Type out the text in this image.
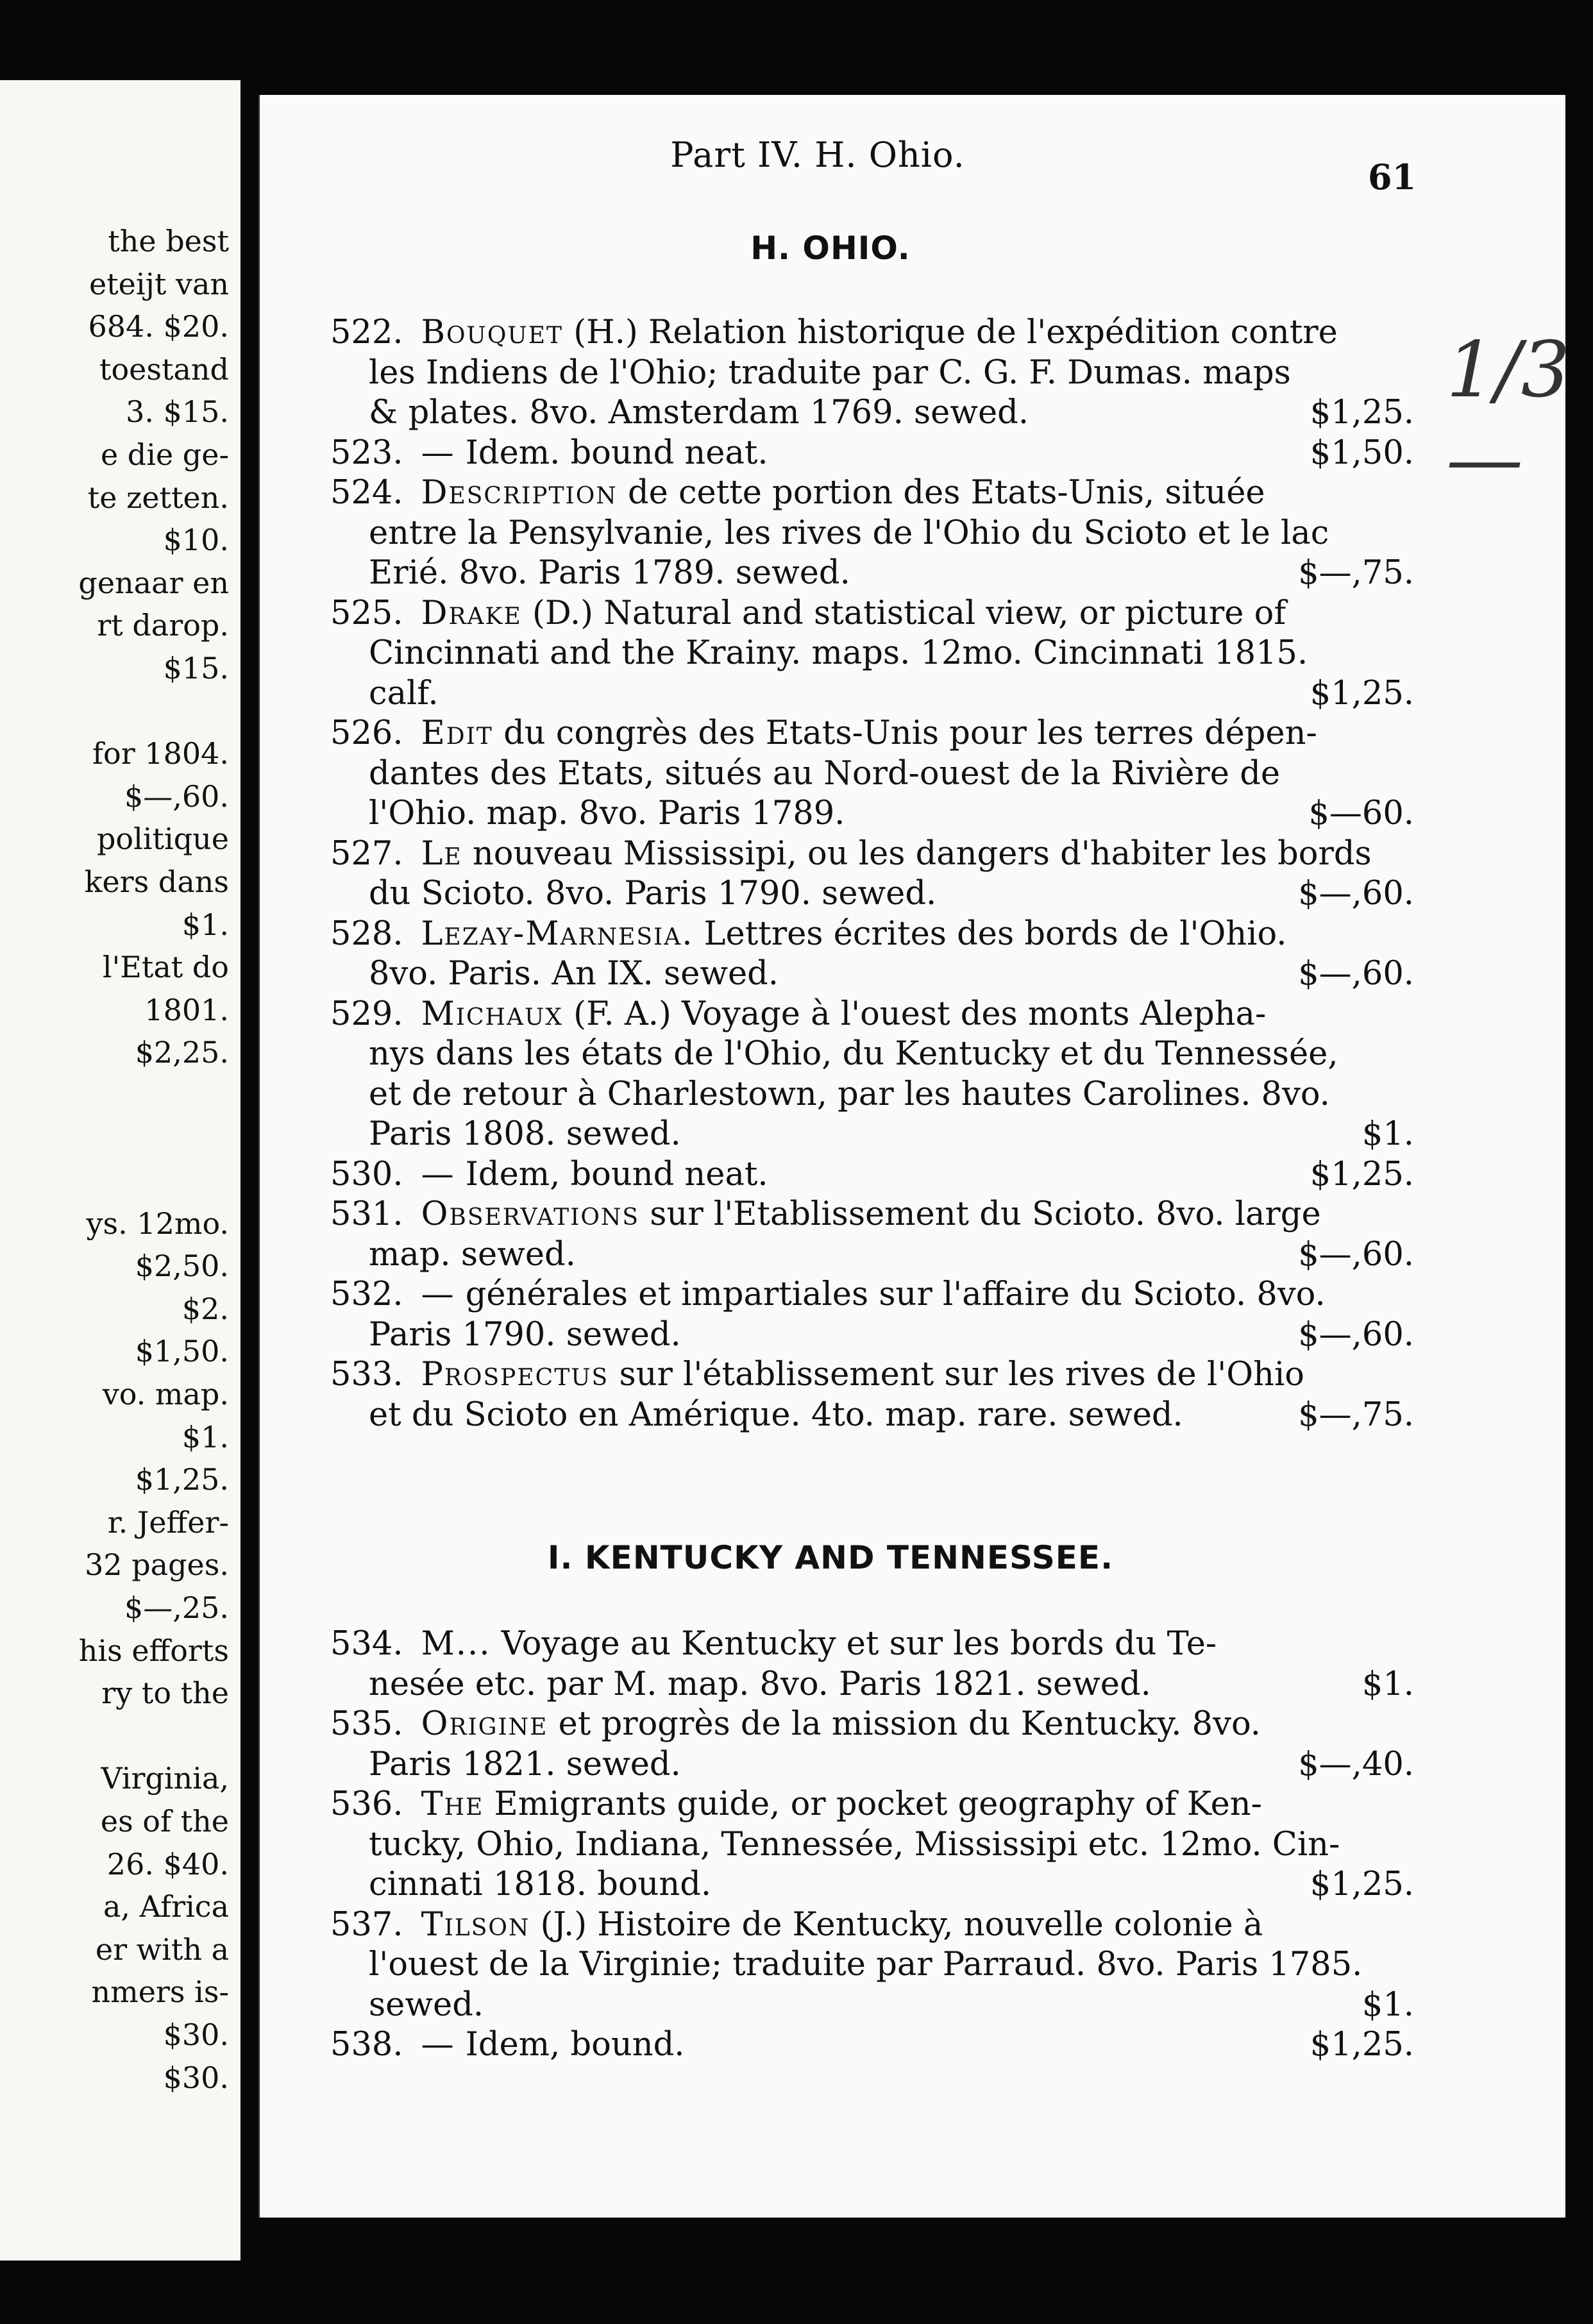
the best
eteijt van
684. $20.
toestand
3. $15.
e die ge-
te zetten.
$10.
genaar en
rt darop.
$15.

for 1804.
$—,60.
politique
kers dans
$1.
l'Etat do
1801.
$2,25.

ys. 12mo.
$2,50.
$2.
$1,50.
vo. map.
$1.
$1,25.
r. Jeffer-
32 pages.
$—,25.
his efforts
ry to the

Virginia,
es of the
26. $40.
a, Africa
er with a
nmers is-
$30.
$30.
Part IV. H. Ohio.
61
1/3—
H. OHIO.
522. Bouquet (H.) Relation historique de l'expédition contre
les Indiens de l'Ohio; traduite par C. G. F. Dumas. maps
& plates. 8vo. Amsterdam 1769. sewed.	$1,25.
523. — Idem. bound neat.	$1,50.
524. Description de cette portion des Etats-Unis, située
entre la Pensylvanie, les rives de l'Ohio du Scioto et le lac
Erié. 8vo. Paris 1789. sewed.	$—,75.
525. Drake (D.) Natural and statistical view, or picture of
Cincinnati and the Krainy. maps. 12mo. Cincinnati 1815.
calf.	$1,25.
526. Edit du congrès des Etats-Unis pour les terres dépen-
dantes des Etats, situés au Nord-ouest de la Rivière de
l'Ohio. map. 8vo. Paris 1789.	$—60.
527. Le nouveau Mississipi, ou les dangers d'habiter les bords
du Scioto. 8vo. Paris 1790. sewed.	$—,60.
528. Lezay-Marnesia. Lettres écrites des bords de l'Ohio.
8vo. Paris. An IX. sewed.	$—,60.
529. Michaux (F. A.) Voyage à l'ouest des monts Alepha-
nys dans les états de l'Ohio, du Kentucky et du Tennessée,
et de retour à Charlestown, par les hautes Carolines. 8vo.
Paris 1808. sewed.	$1.
530. — Idem, bound neat.	$1,25.
531. Observations sur l'Etablissement du Scioto. 8vo. large
map. sewed.	$—,60.
532. — générales et impartiales sur l'affaire du Scioto. 8vo.
Paris 1790. sewed.	$—,60.
533. Prospectus sur l'établissement sur les rives de l'Ohio
et du Scioto en Amérique. 4to. map. rare. sewed.	$—,75.
I. KENTUCKY AND TENNESSEE.
534. M... Voyage au Kentucky et sur les bords du Te-
nesée etc. par M. map. 8vo. Paris 1821. sewed.	$1.
535. Origine et progrès de la mission du Kentucky. 8vo.
Paris 1821. sewed.	$—,40.
536. The Emigrants guide, or pocket geography of Ken-
tucky, Ohio, Indiana, Tennessée, Mississipi etc. 12mo. Cin-
cinnati 1818. bound.	$1,25.
537. Tilson (J.) Histoire de Kentucky, nouvelle colonie à
l'ouest de la Virginie; traduite par Parraud. 8vo. Paris 1785.
sewed.	$1.
538. — Idem, bound.	$1,25.
